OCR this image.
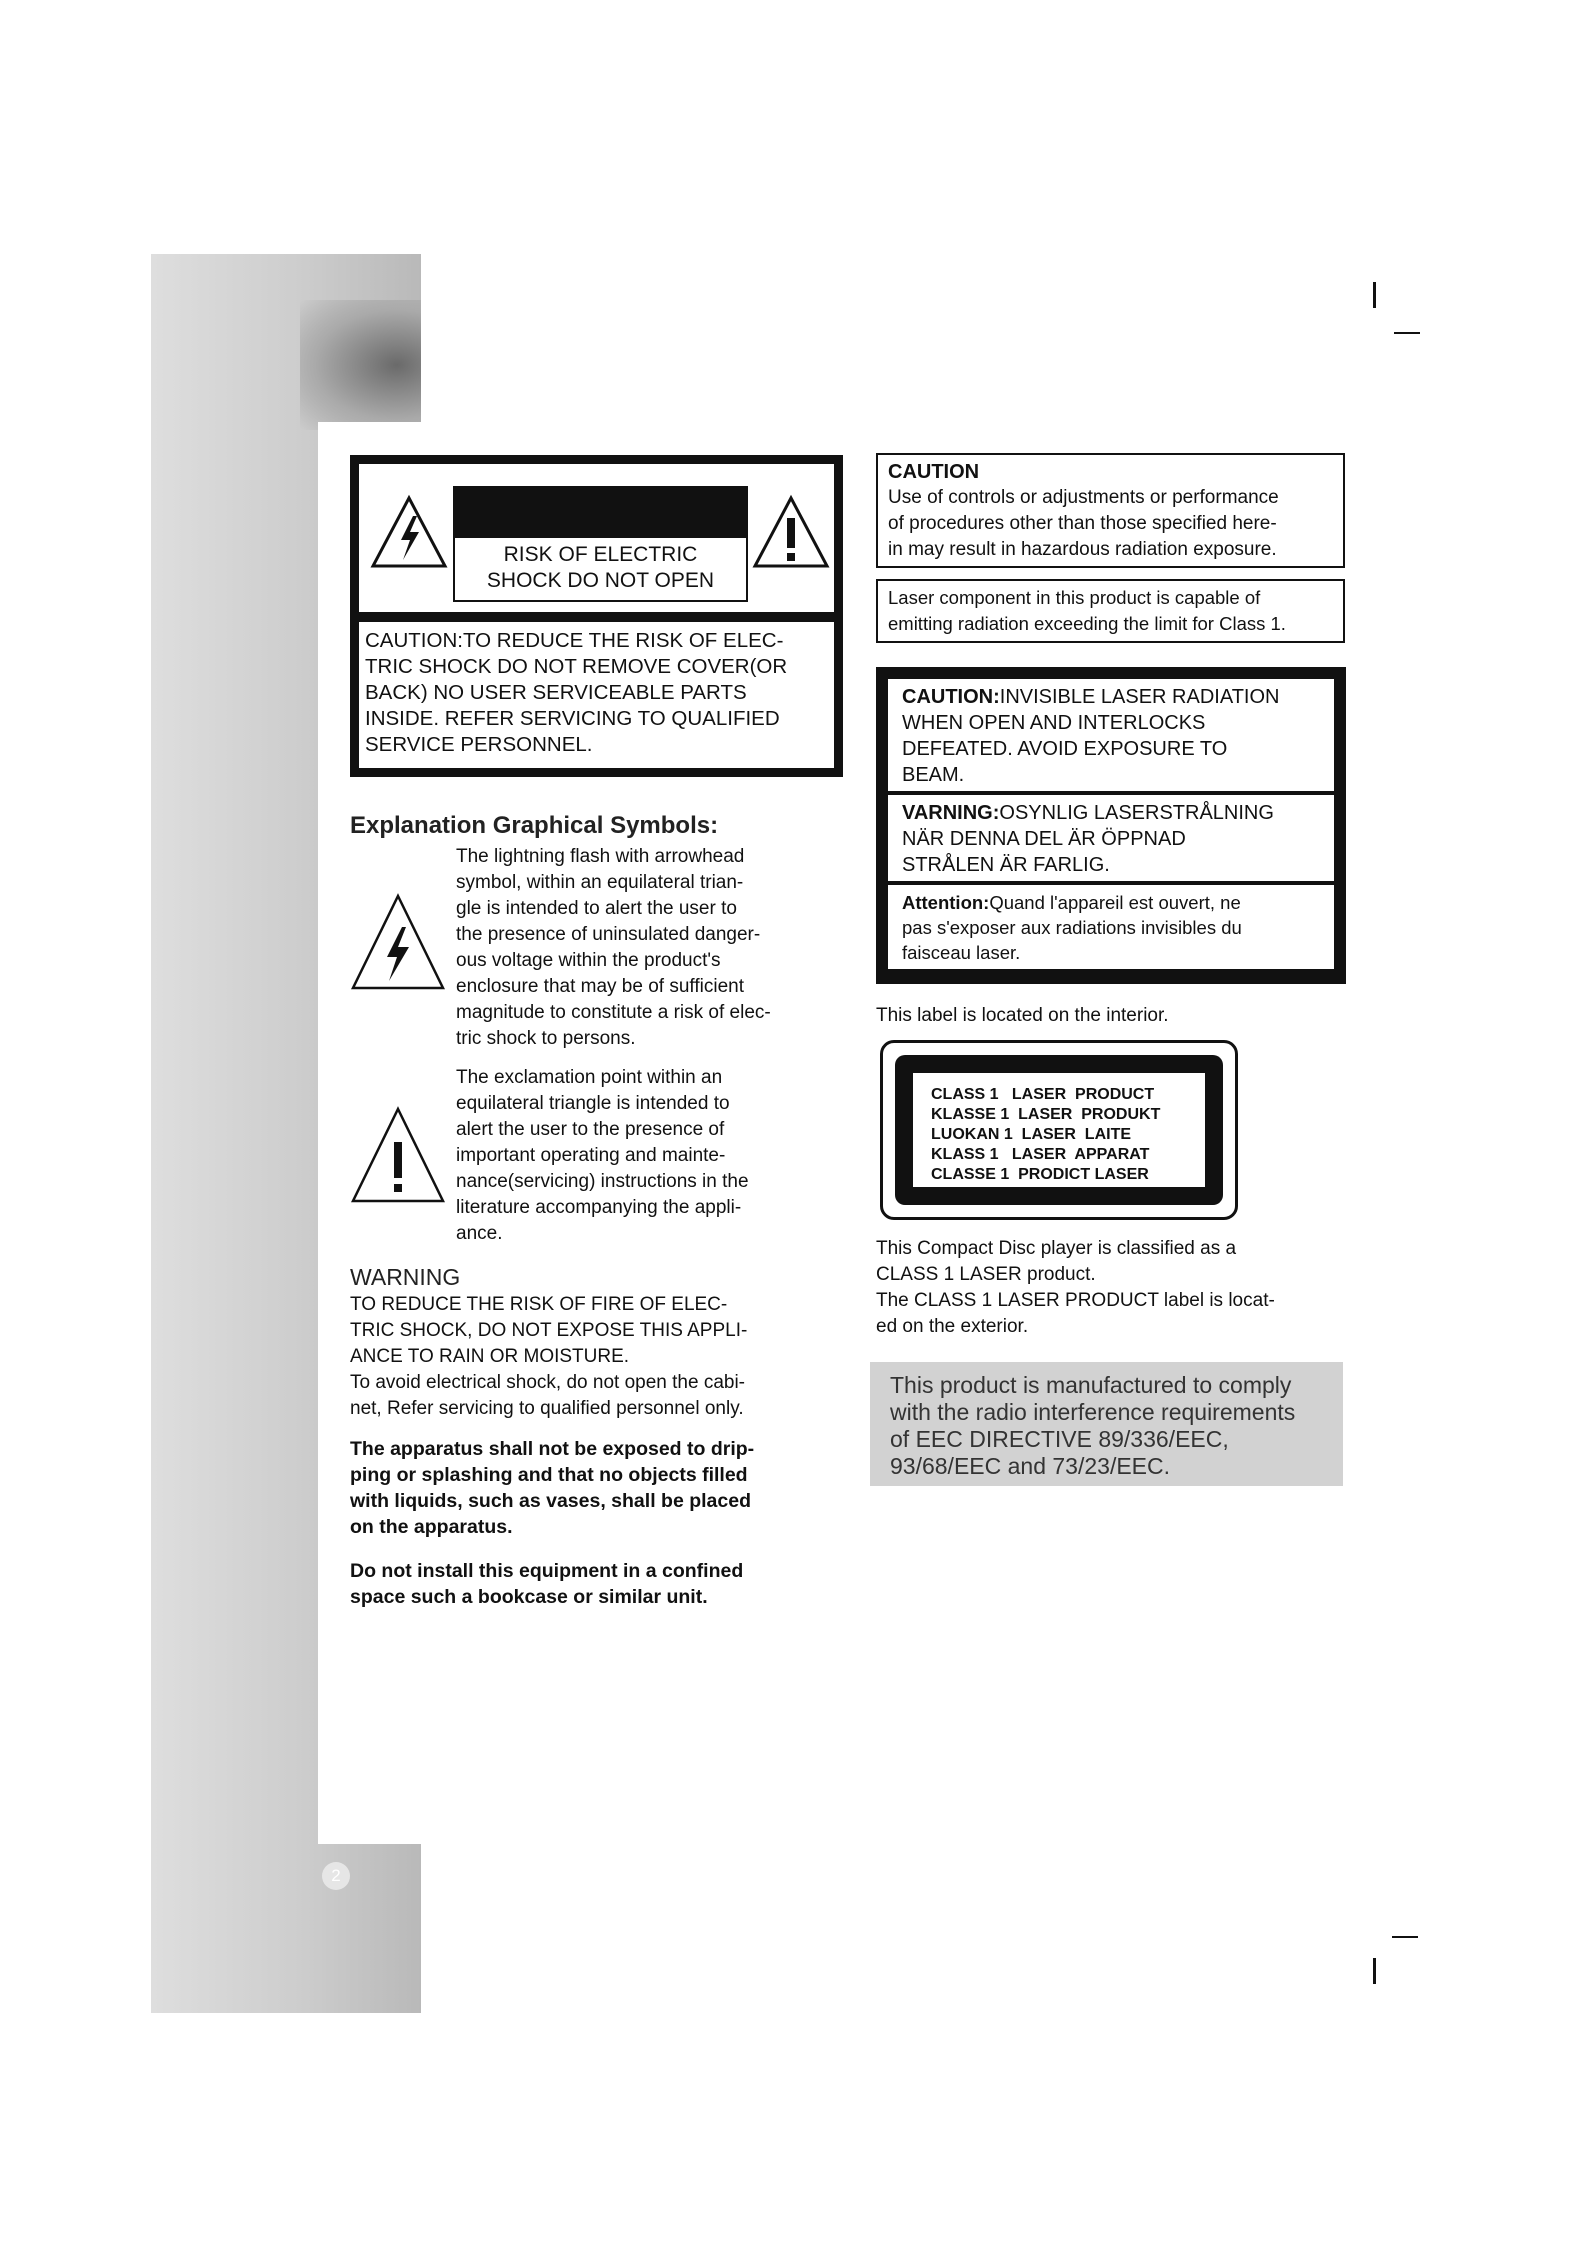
RISK OF ELECTRIC
SHOCK DO NOT OPEN
CAUTION:TO REDUCE THE RISK OF ELEC-
TRIC SHOCK DO NOT REMOVE COVER(OR
BACK) NO USER SERVICEABLE PARTS
INSIDE. REFER SERVICING TO QUALIFIED
SERVICE PERSONNEL.
Explanation Graphical Symbols:
The lightning flash with arrowhead
symbol, within an equilateral trian-
gle is intended to alert the user to
the presence of uninsulated danger-
ous voltage within the product's
enclosure that may be of sufficient
magnitude to constitute a risk of elec-
tric shock to persons.
The exclamation point within an
equilateral triangle is intended to
alert the user to the presence of
important operating and mainte-
nance(servicing) instructions in the
literature accompanying the appli-
ance.
WARNING
TO REDUCE THE RISK OF FIRE OF ELEC-
TRIC SHOCK, DO NOT EXPOSE THIS APPLI-
ANCE TO RAIN OR MOISTURE.
To avoid electrical shock, do not open the cabi-
net, Refer servicing to qualified personnel only.
The apparatus shall not be exposed to drip-
ping or splashing and that no objects filled
with liquids, such as vases, shall be placed
on the apparatus.
Do not install this equipment in a confined
space such a bookcase or similar unit.
CAUTION
Use of controls or adjustments or performance
of procedures other than those specified here-
in may result in hazardous radiation exposure.
Laser component in this product is capable of
emitting radiation exceeding the limit for Class 1.
CAUTION:INVISIBLE LASER RADIATION
WHEN OPEN AND INTERLOCKS
DEFEATED. AVOID EXPOSURE TO
BEAM.
VARNING:OSYNLIG LASERSTRÅLNING
NÄR DENNA DEL ÄR ÖPPNAD
STRÅLEN ÄR FARLIG.
Attention:Quand l'appareil est ouvert, ne
pas s'exposer aux radiations invisibles du
faisceau laser.
This label is located on the interior.
CLASS 1   LASER  PRODUCT
KLASSE 1  LASER  PRODUKT
LUOKAN 1  LASER  LAITE
KLASS 1   LASER  APPARAT
CLASSE 1  PRODICT LASER
This Compact Disc player is classified as a
CLASS 1 LASER product.
The CLASS 1 LASER PRODUCT label is locat-
ed on the exterior.
This product is manufactured to comply
with the radio interference requirements
of EEC DIRECTIVE 89/336/EEC,
93/68/EEC and 73/23/EEC.
2
